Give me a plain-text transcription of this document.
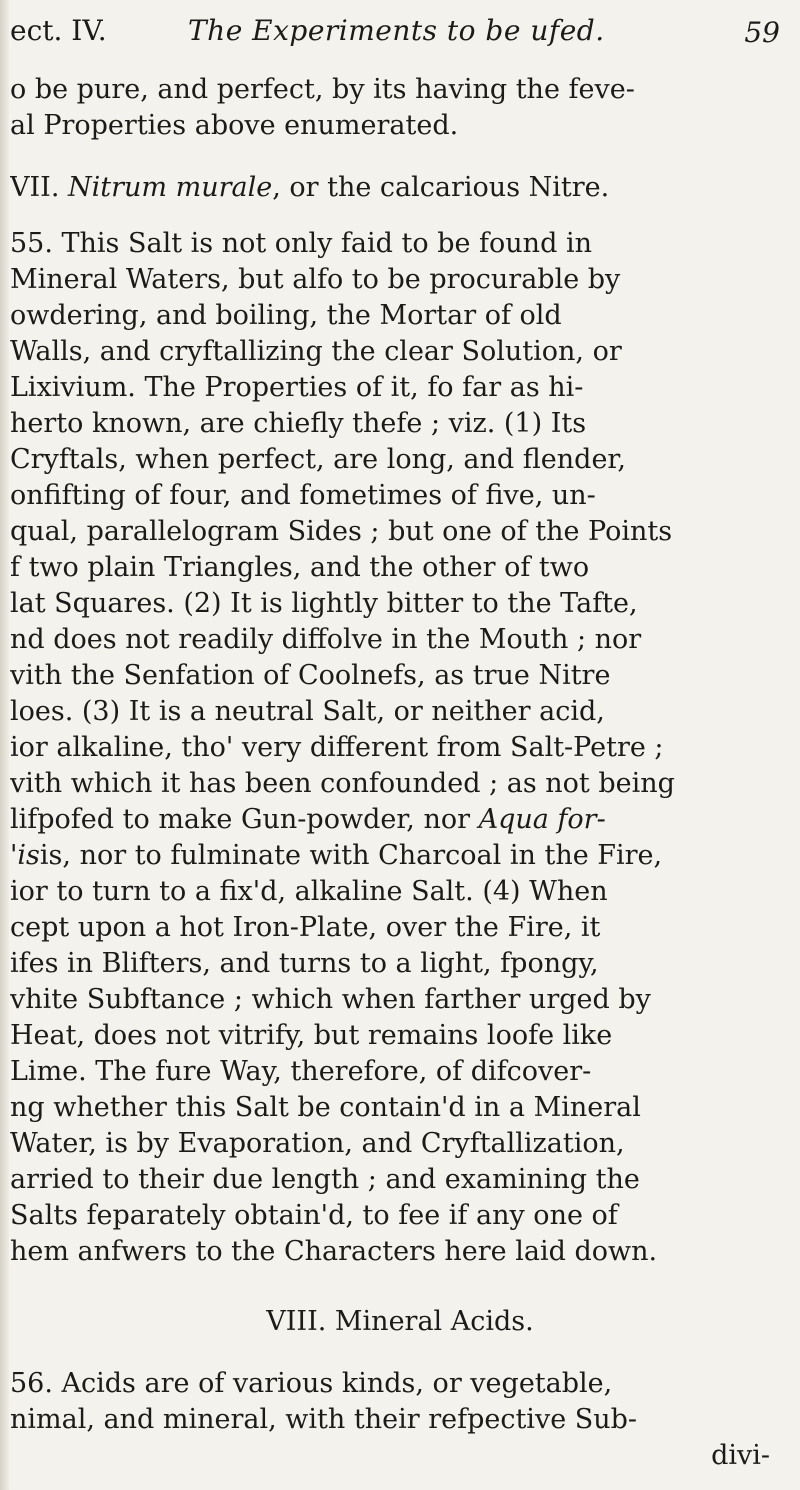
ect. IV.	The Experiments to be ufed.	59
o be pure, and perfect, by its having the feve-
al Properties above enumerated.
VII. Nitrum murale, or the calcarious Nitre.
55. This Salt is not only faid to be found in
Mineral Waters, but alfo to be procurable by
owdering, and boiling, the Mortar of old
Walls, and cryftallizing the clear Solution, or
Lixivium. The Properties of it, fo far as hi-
herto known, are chiefly thefe ; viz. (1) Its
Cryftals, when perfect, are long, and flender,
onfifting of four, and fometimes of five, un-
qual, parallelogram Sides ; but one of the Points
f two plain Triangles, and the other of two
lat Squares. (2) It is lightly bitter to the Tafte,
nd does not readily diffolve in the Mouth ; nor
vith the Senfation of Coolnefs, as true Nitre
loes. (3) It is a neutral Salt, or neither acid,
ior alkaline, tho' very different from Salt-Petre ;
vith which it has been confounded ; as not being
lifpofed to make Gun-powder, nor Aqua for-
'isis, nor to fulminate with Charcoal in the Fire,
ior to turn to a fix'd, alkaline Salt. (4) When
cept upon a hot Iron-Plate, over the Fire, it
ifes in Blifters, and turns to a light, fpongy,
vhite Subftance ; which when farther urged by
Heat, does not vitrify, but remains loofe like
Lime. The fure Way, therefore, of difcover-
ng whether this Salt be contain'd in a Mineral
Water, is by Evaporation, and Cryftallization,
arried to their due length ; and examining the
Salts feparately obtain'd, to fee if any one of
hem anfwers to the Characters here laid down.
VIII. Mineral Acids.
56. Acids are of various kinds, or vegetable,
nimal, and mineral, with their refpective Sub-
divi-
